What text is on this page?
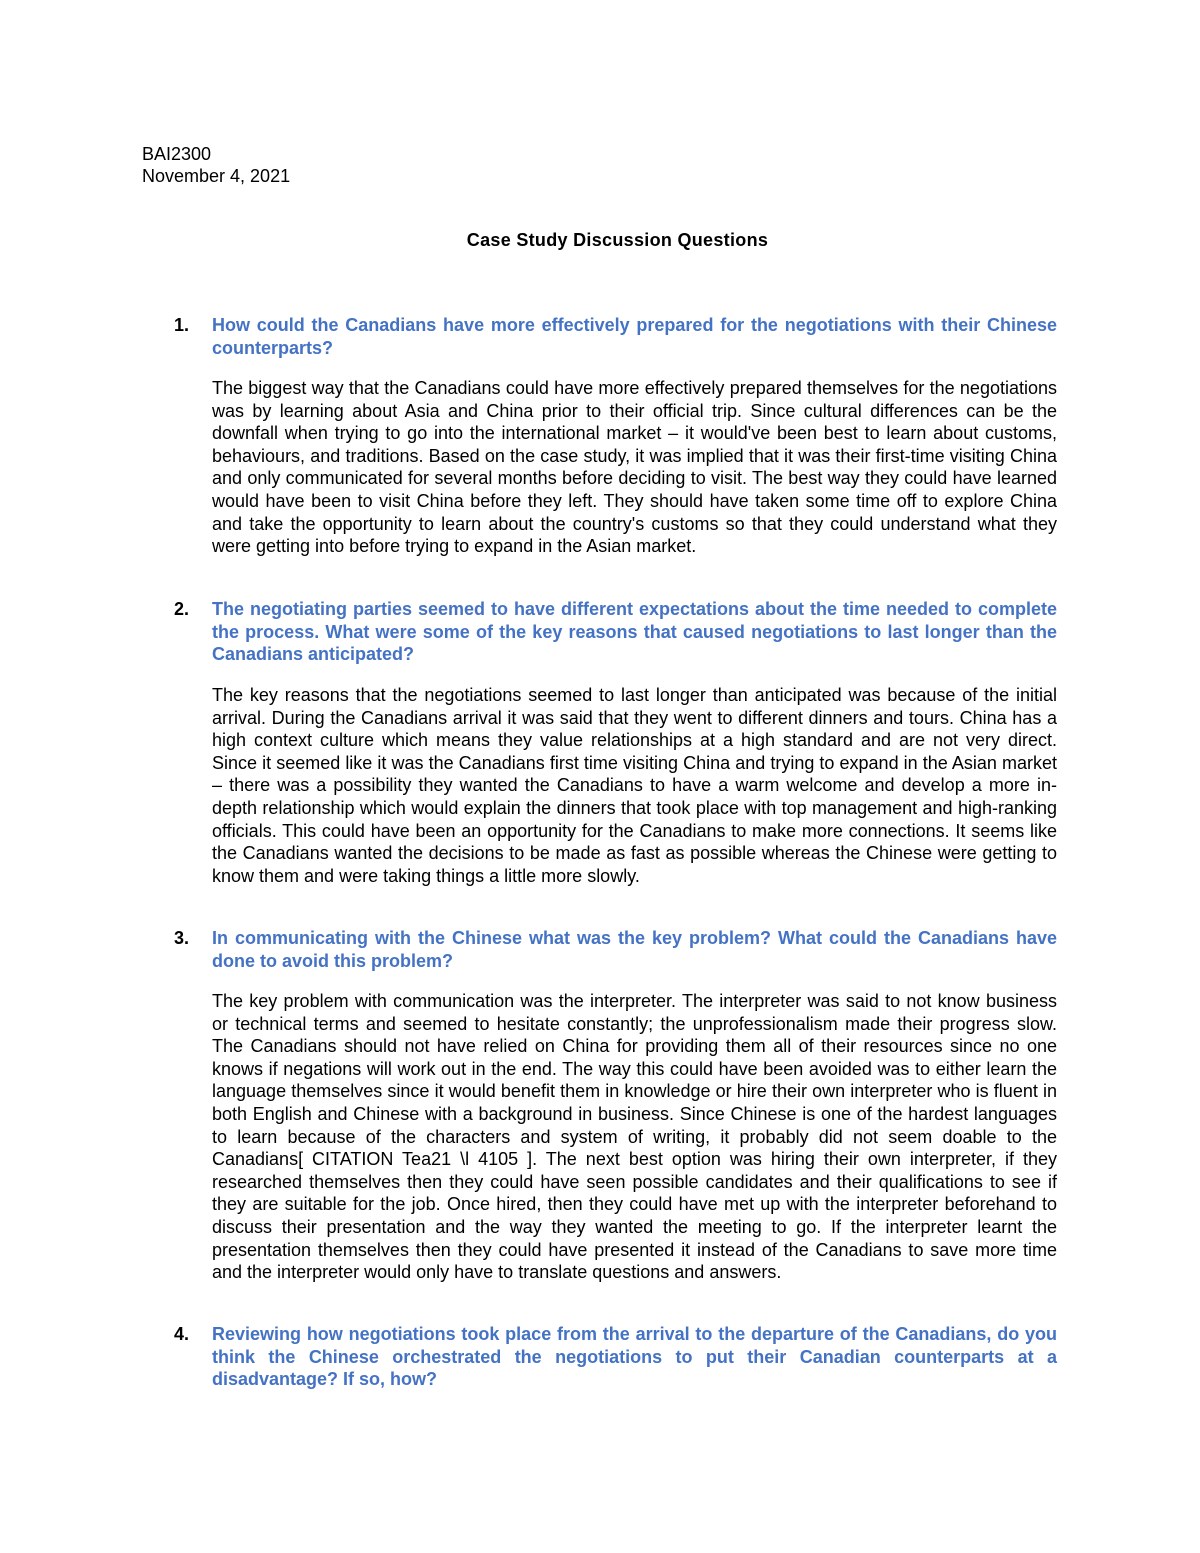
BAI2300
November 4, 2021
Case Study Discussion Questions
1. How could the Canadians have more effectively prepared for the negotiations with their Chinese counterparts?
The biggest way that the Canadians could have more effectively prepared themselves for the negotiations was by learning about Asia and China prior to their official trip. Since cultural differences can be the downfall when trying to go into the international market – it would've been best to learn about customs, behaviours, and traditions. Based on the case study, it was implied that it was their first-time visiting China and only communicated for several months before deciding to visit. The best way they could have learned would have been to visit China before they left. They should have taken some time off to explore China and take the opportunity to learn about the country's customs so that they could understand what they were getting into before trying to expand in the Asian market.
2. The negotiating parties seemed to have different expectations about the time needed to complete the process. What were some of the key reasons that caused negotiations to last longer than the Canadians anticipated?
The key reasons that the negotiations seemed to last longer than anticipated was because of the initial arrival. During the Canadians arrival it was said that they went to different dinners and tours. China has a high context culture which means they value relationships at a high standard and are not very direct. Since it seemed like it was the Canadians first time visiting China and trying to expand in the Asian market – there was a possibility they wanted the Canadians to have a warm welcome and develop a more in-depth relationship which would explain the dinners that took place with top management and high-ranking officials. This could have been an opportunity for the Canadians to make more connections. It seems like the Canadians wanted the decisions to be made as fast as possible whereas the Chinese were getting to know them and were taking things a little more slowly.
3. In communicating with the Chinese what was the key problem? What could the Canadians have done to avoid this problem?
The key problem with communication was the interpreter. The interpreter was said to not know business or technical terms and seemed to hesitate constantly; the unprofessionalism made their progress slow. The Canadians should not have relied on China for providing them all of their resources since no one knows if negations will work out in the end. The way this could have been avoided was to either learn the language themselves since it would benefit them in knowledge or hire their own interpreter who is fluent in both English and Chinese with a background in business. Since Chinese is one of the hardest languages to learn because of the characters and system of writing, it probably did not seem doable to the Canadians[ CITATION Tea21 \l 4105 ]. The next best option was hiring their own interpreter, if they researched themselves then they could have seen possible candidates and their qualifications to see if they are suitable for the job. Once hired, then they could have met up with the interpreter beforehand to discuss their presentation and the way they wanted the meeting to go. If the interpreter learnt the presentation themselves then they could have presented it instead of the Canadians to save more time and the interpreter would only have to translate questions and answers.
4. Reviewing how negotiations took place from the arrival to the departure of the Canadians, do you think the Chinese orchestrated the negotiations to put their Canadian counterparts at a disadvantage? If so, how?
